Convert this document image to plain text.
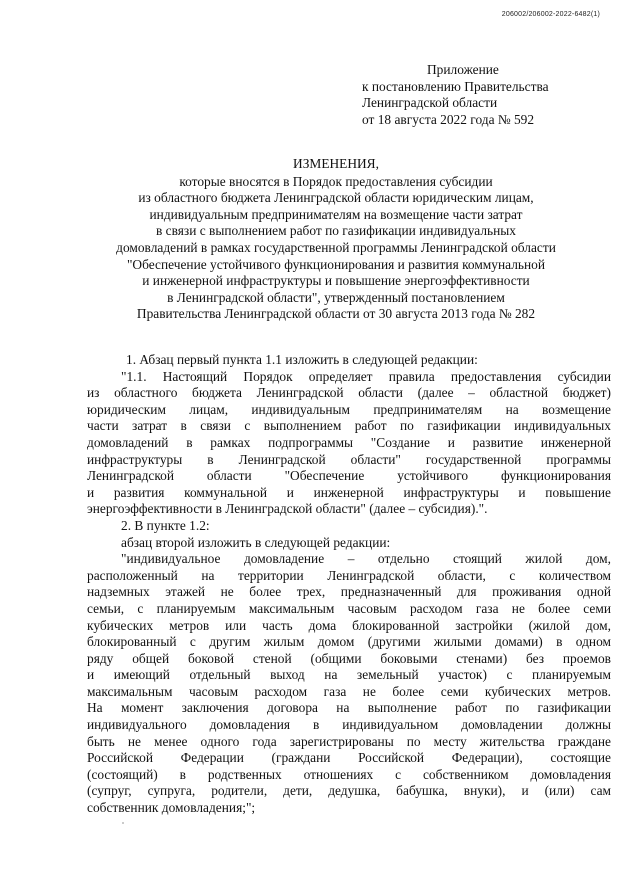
206002/206002-2022-6482(1)
Приложение
к постановлению Правительства
Ленинградской области
от 18 августа 2022 года № 592
ИЗМЕНЕНИЯ,
которые вносятся в Порядок предоставления субсидии
из областного бюджета Ленинградской области юридическим лицам,
индивидуальным предпринимателям на возмещение части затрат
в связи с выполнением работ по газификации индивидуальных
домовладений в рамках государственной программы Ленинградской области
"Обеспечение устойчивого функционирования и развития коммунальной
и инженерной инфраструктуры и повышение энергоэффективности
в Ленинградской области", утвержденный постановлением
Правительства Ленинградской области от 30 августа 2013 года № 282
1. Абзац первый пункта 1.1 изложить в следующей редакции:
"1.1. Настоящий Порядок определяет правила предоставления субсидии
из областного бюджета Ленинградской области (далее – областной бюджет)
юридическим лицам, индивидуальным предпринимателям на возмещение
части затрат в связи с выполнением работ по газификации индивидуальных
домовладений в рамках подпрограммы "Создание и развитие инженерной
инфраструктуры в Ленинградской области" государственной программы
Ленинградской области "Обеспечение устойчивого функционирования
и развития коммунальной и инженерной инфраструктуры и повышение
энергоэффективности в Ленинградской области" (далее – субсидия).".
2. В пункте 1.2:
абзац второй изложить в следующей редакции:
"индивидуальное домовладение – отдельно стоящий жилой дом,
расположенный на территории Ленинградской области, с количеством
надземных этажей не более трех, предназначенный для проживания одной
семьи, с планируемым максимальным часовым расходом газа не более семи
кубических метров или часть дома блокированной застройки (жилой дом,
блокированный с другим жилым домом (другими жилыми домами) в одном
ряду общей боковой стеной (общими боковыми стенами) без проемов
и имеющий отдельный выход на земельный участок) с планируемым
максимальным часовым расходом газа не более семи кубических метров.
На момент заключения договора на выполнение работ по газификации
индивидуального домовладения в индивидуальном домовладении должны
быть не менее одного года зарегистрированы по месту жительства граждане
Российской Федерации (граждани Российской Федерации), состоящие
(состоящий) в родственных отношениях с собственником домовладения
(супруг, супруга, родители, дети, дедушка, бабушка, внуки), и (или) сам
собственник домовладения;";
